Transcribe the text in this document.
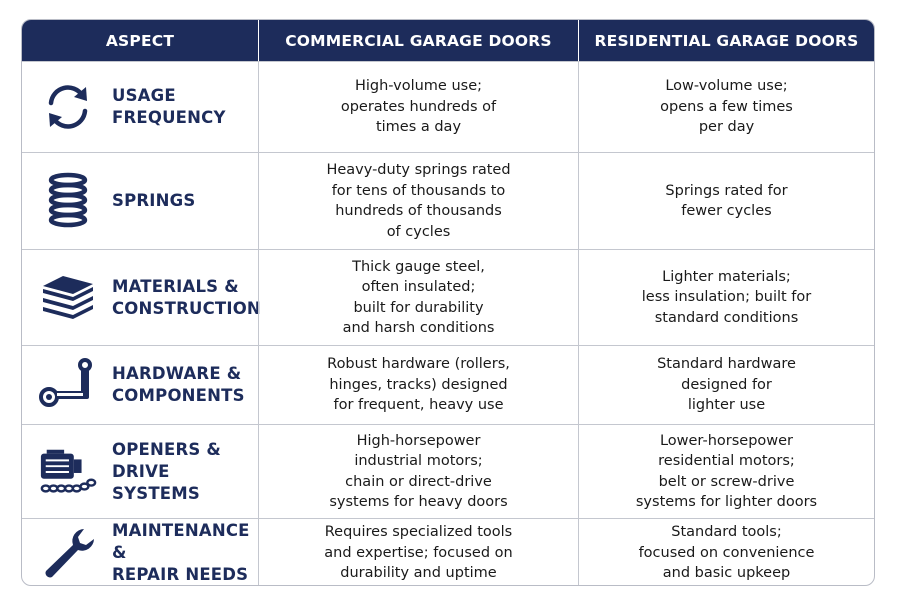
ASPECT	COMMERCIAL GARAGE DOORS	RESIDENTIAL GARAGE DOORS
USAGE
FREQUENCY
High-volume use;
operates hundreds of
times a day
Low-volume use;
opens a few times
per day
SPRINGS
Heavy-duty springs rated
for tens of thousands to
hundreds of thousands
of cycles
Springs rated for
fewer cycles
MATERIALS &
CONSTRUCTION
Thick gauge steel,
often insulated;
built for durability
and harsh conditions
Lighter materials;
less insulation; built for
standard conditions
HARDWARE &
COMPONENTS
Robust hardware (rollers,
hinges, tracks) designed
for frequent, heavy use
Standard hardware
designed for
lighter use
OPENERS &
DRIVE SYSTEMS
High-horsepower
industrial motors;
chain or direct-drive
systems for heavy doors
Lower-horsepower
residential motors;
belt or screw-drive
systems for lighter doors
MAINTENANCE &
REPAIR NEEDS
Requires specialized tools
and expertise; focused on
durability and uptime
Standard tools;
focused on convenience
and basic upkeep
